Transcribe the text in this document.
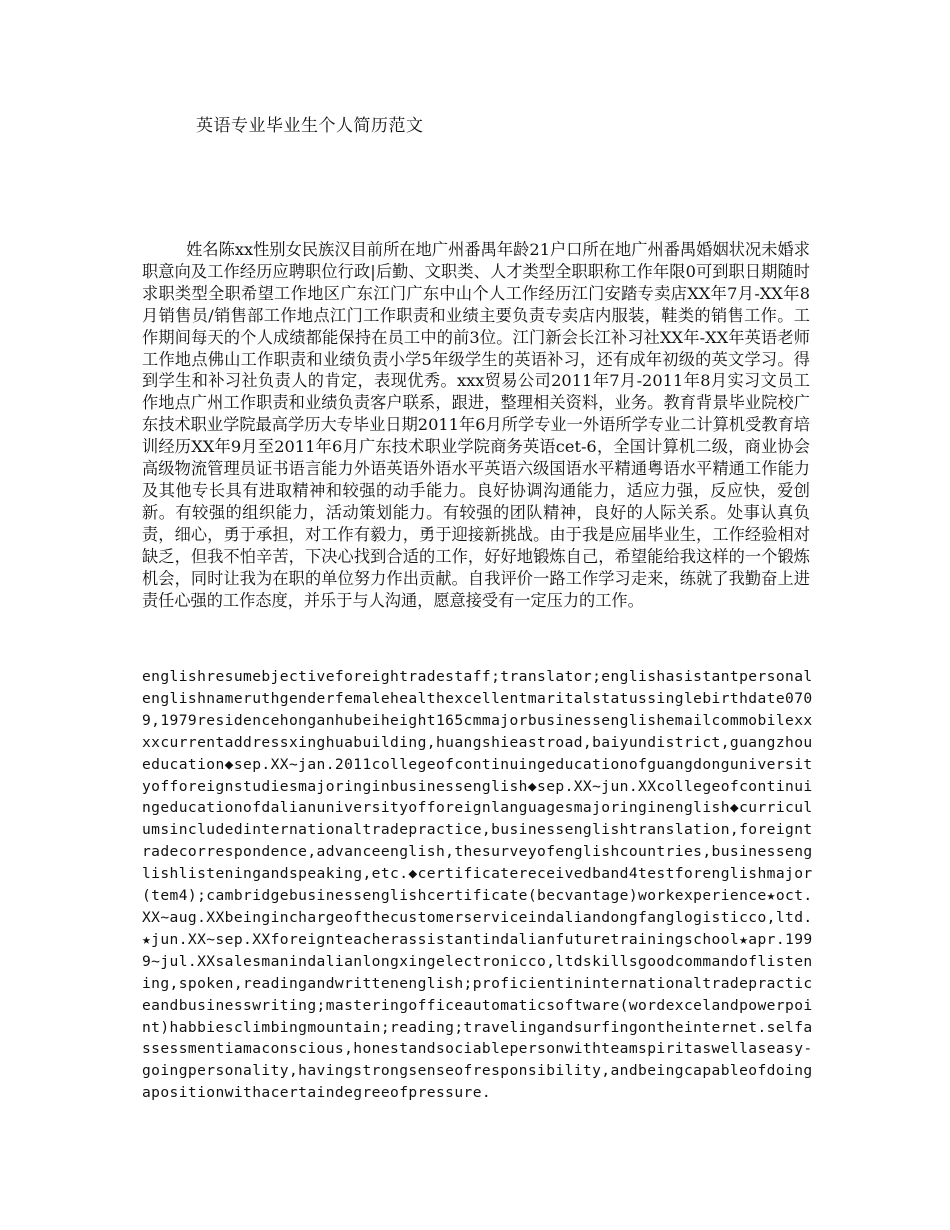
英语专业毕业生个人简历范文
姓名陈xx性别女民族汉目前所在地广州番禺年龄21户口所在地广州番禺婚姻状况未婚求职意向及工作经历应聘职位行政|后勤、文职类、人才类型全职职称工作年限0可到职日期随时求职类型全职希望工作地区广东江门广东中山个人工作经历江门安踏专卖店XX年7月-XX年8月销售员/销售部工作地点江门工作职责和业绩主要负责专卖店内服装，鞋类的销售工作。工作期间每天的个人成绩都能保持在员工中的前3位。江门新会长江补习社XX年-XX年英语老师工作地点佛山工作职责和业绩负责小学5年级学生的英语补习，还有成年初级的英文学习。得到学生和补习社负责人的肯定，表现优秀。xxx贸易公司2011年7月-2011年8月实习文员工作地点广州工作职责和业绩负责客户联系，跟进，整理相关资料，业务。教育背景毕业院校广东技术职业学院最高学历大专毕业日期2011年6月所学专业一外语所学专业二计算机受教育培训经历XX年9月至2011年6月广东技术职业学院商务英语cet-6，全国计算机二级，商业协会高级物流管理员证书语言能力外语英语外语水平英语六级国语水平精通粤语水平精通工作能力及其他专长具有进取精神和较强的动手能力。良好协调沟通能力，适应力强，反应快，爱创新。有较强的组织能力，活动策划能力。有较强的团队精神，良好的人际关系。处事认真负责，细心，勇于承担，对工作有毅力，勇于迎接新挑战。由于我是应届毕业生，工作经验相对缺乏，但我不怕辛苦，下决心找到合适的工作，好好地锻炼自己，希望能给我这样的一个锻炼机会，同时让我为在职的单位努力作出贡献。自我评价一路工作学习走来，练就了我勤奋上进责任心强的工作态度，并乐于与人沟通，愿意接受有一定压力的工作。
englishresumebjectiveforeightradestaff;translator;englishasistantpersonalenglishnameruthgenderfemalehealthexcellentmaritalstatussinglebirthdate0709,1979residencehonganhubeiheight165cmmajorbusinessenglishemailcommobilexxxxcurrentaddressxinghuabuilding,huangshieastroad,baiyundistrict,guangzhoueducation◆sep.XX~jan.2011collegeofcontinuingeducationofguangdonguniversityofforeignstudiesmajoringinbusinessenglish◆sep.XX~jun.XXcollegeofcontinuingeducationofdalianuniversityofforeignlanguagesmajoringinenglish◆curriculumsincludedinternationaltradepractice,businessenglishtranslation,foreigntradecorrespondence,advanceenglish,thesurveyofenglishcountries,businessenglishlisteningandspeaking,etc.◆certificatereceivedband4testforenglishmajor(tem4);cambridgebusinessenglishcertificate(becvantage)workexperience★oct.XX~aug.XXbeinginchargeofthecustomerserviceindaliandongfanglogisticco,ltd.★jun.XX~sep.XXforeignteacherassistantindalianfuturetrainingschool★apr.1999~jul.XXsalesmanindalianlongxingelectronicco,ltdskillsgoodcommandoflistening,spoken,readingandwrittenenglish;proficientininternationaltradepracticeandbusinesswriting;masteringofficeautomaticsoftware(wordexcelandpowerpoint)habbiesclimbingmountain;reading;travelingandsurfingontheinternet.selfassessmentiamaconscious,honestandsociablepersonwithteamspiritaswellaseasy-goingpersonality,havingstrongsenseofresponsibility,andbeingcapableofdoingapositionwithacertaindegreeofpressure.
